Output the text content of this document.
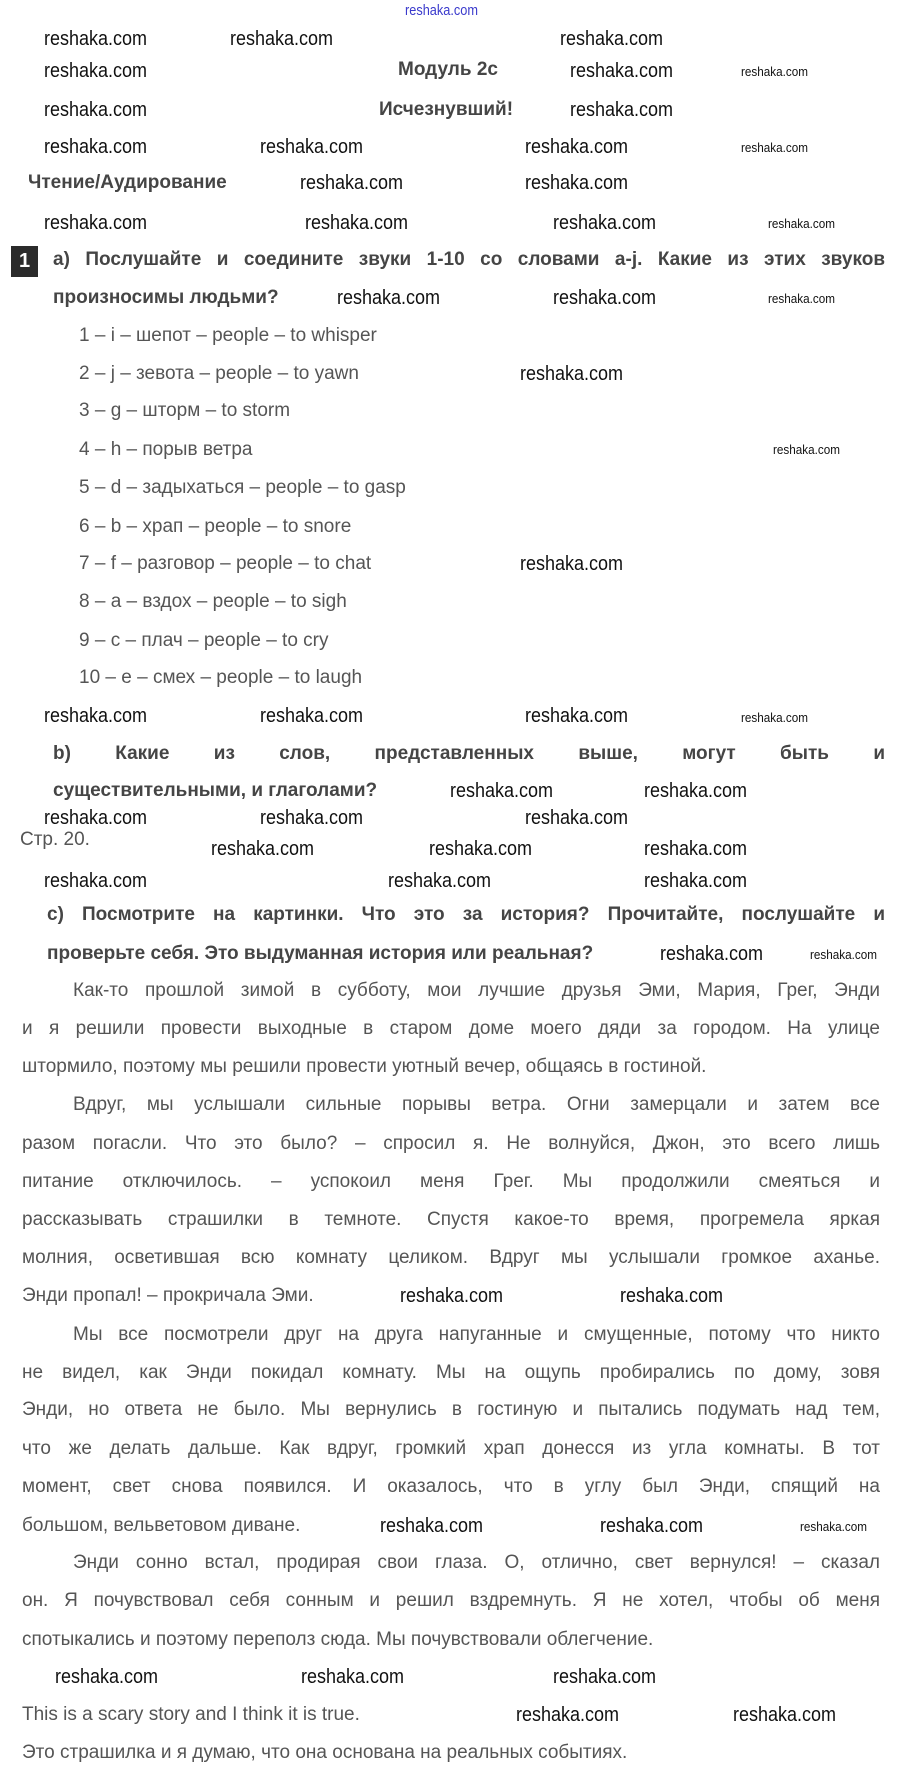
reshaka.com
Модуль 2c
Исчезнувший!
Чтение/Аудирование
1	a) Послушайте и соедините звуки 1-10 со словами a-j. Какие из этих звуков
произносимы людьми?
1 – i – шепот – people – to whisper
2 – j – зевота – people – to yawn
3 – g – шторм – to storm
4 – h – порыв ветра
5 – d – задыхаться – people – to gasp
6 – b – храп – people – to snore
7 – f – разговор – people – to chat
8 – a – вздох – people – to sigh
9 – c – плач – people – to cry
10 – e – смех – people – to laugh
b) Какие из слов, представленных выше, могут быть и
существительными, и глаголами?
Стр. 20.
c) Посмотрите на картинки. Что это за история? Прочитайте, послушайте и
проверьте себя. Это выдуманная история или реальная?
Как-то прошлой зимой в субботу, мои лучшие друзья Эми, Мария, Грег, Энди
и я решили провести выходные в старом доме моего дяди за городом. На улице
штормило, поэтому мы решили провести уютный вечер, общаясь в гостиной.
Вдруг, мы услышали сильные порывы ветра. Огни замерцали и затем все
разом погасли. Что это было? – спросил я. Не волнуйся, Джон, это всего лишь
питание отключилось. – успокоил меня Грег. Мы продолжили смеяться и
рассказывать страшилки в темноте. Спустя какое-то время, прогремела яркая
молния, осветившая всю комнату целиком. Вдруг мы услышали громкое аханье.
Энди пропал! – прокричала Эми.
Мы все посмотрели друг на друга напуганные и смущенные, потому что никто
не видел, как Энди покидал комнату. Мы на ощупь пробирались по дому, зовя
Энди, но ответа не было. Мы вернулись в гостиную и пытались подумать над тем,
что же делать дальше. Как вдруг, громкий храп донесся из угла комнаты. В тот
момент, свет снова появился. И оказалось, что в углу был Энди, спящий на
большом, вельветовом диване.
Энди сонно встал, продирая свои глаза. О, отлично, свет вернулся! – сказал
он. Я почувствовал себя сонным и решил вздремнуть. Я не хотел, чтобы об меня
спотыкались и поэтому переполз сюда. Мы почувствовали облегчение.
This is a scary story and I think it is true.
Это страшилка и я думаю, что она основана на реальных событиях.
reshaka.com	reshaka.com	reshaka.com
reshaka.com	reshaka.com	reshaka.com
reshaka.com	reshaka.com
reshaka.com	reshaka.com	reshaka.com	reshaka.com
reshaka.com	reshaka.com
reshaka.com	reshaka.com	reshaka.com	reshaka.com
reshaka.com	reshaka.com	reshaka.com
reshaka.com
reshaka.com
reshaka.com
reshaka.com	reshaka.com	reshaka.com	reshaka.com
reshaka.com	reshaka.com
reshaka.com	reshaka.com	reshaka.com
reshaka.com	reshaka.com	reshaka.com
reshaka.com	reshaka.com	reshaka.com
reshaka.com	reshaka.com
reshaka.com	reshaka.com
reshaka.com	reshaka.com	reshaka.com
reshaka.com	reshaka.com	reshaka.com
reshaka.com	reshaka.com
